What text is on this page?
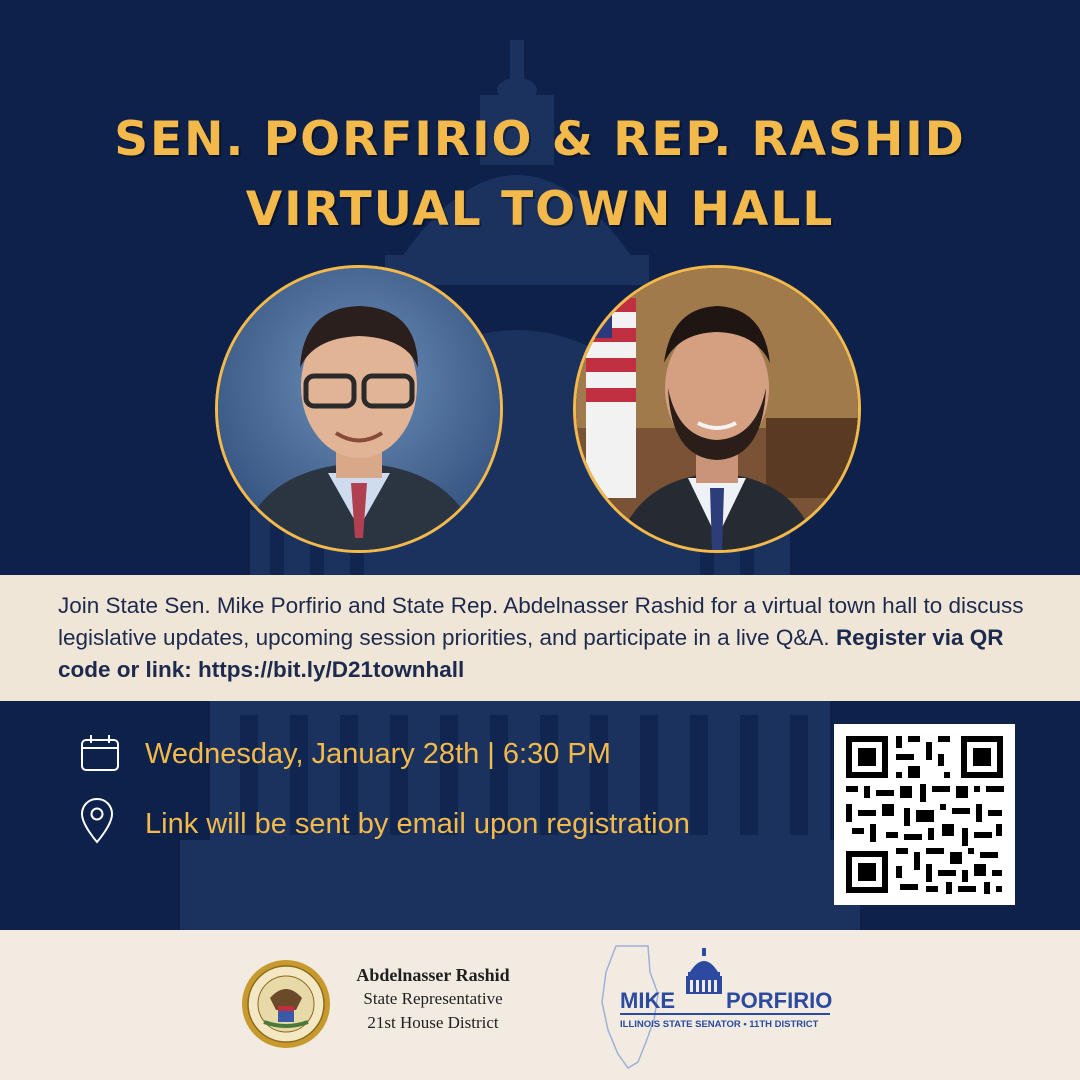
SEN. PORFIRIO & REP. RASHID
VIRTUAL TOWN HALL
Join State Sen. Mike Porfirio and State Rep. Abdelnasser Rashid for a virtual town hall to discuss legislative updates, upcoming session priorities, and participate in a live Q&A. Register via QR code or link: https://bit.ly/D21townhall
Wednesday, January 28th | 6:30 PM
Link will be sent by email upon registration
Abdelnasser Rashid
State Representative
21st House District
MIKE PORFIRIO
ILLINOIS STATE SENATOR • 11TH DISTRICT
